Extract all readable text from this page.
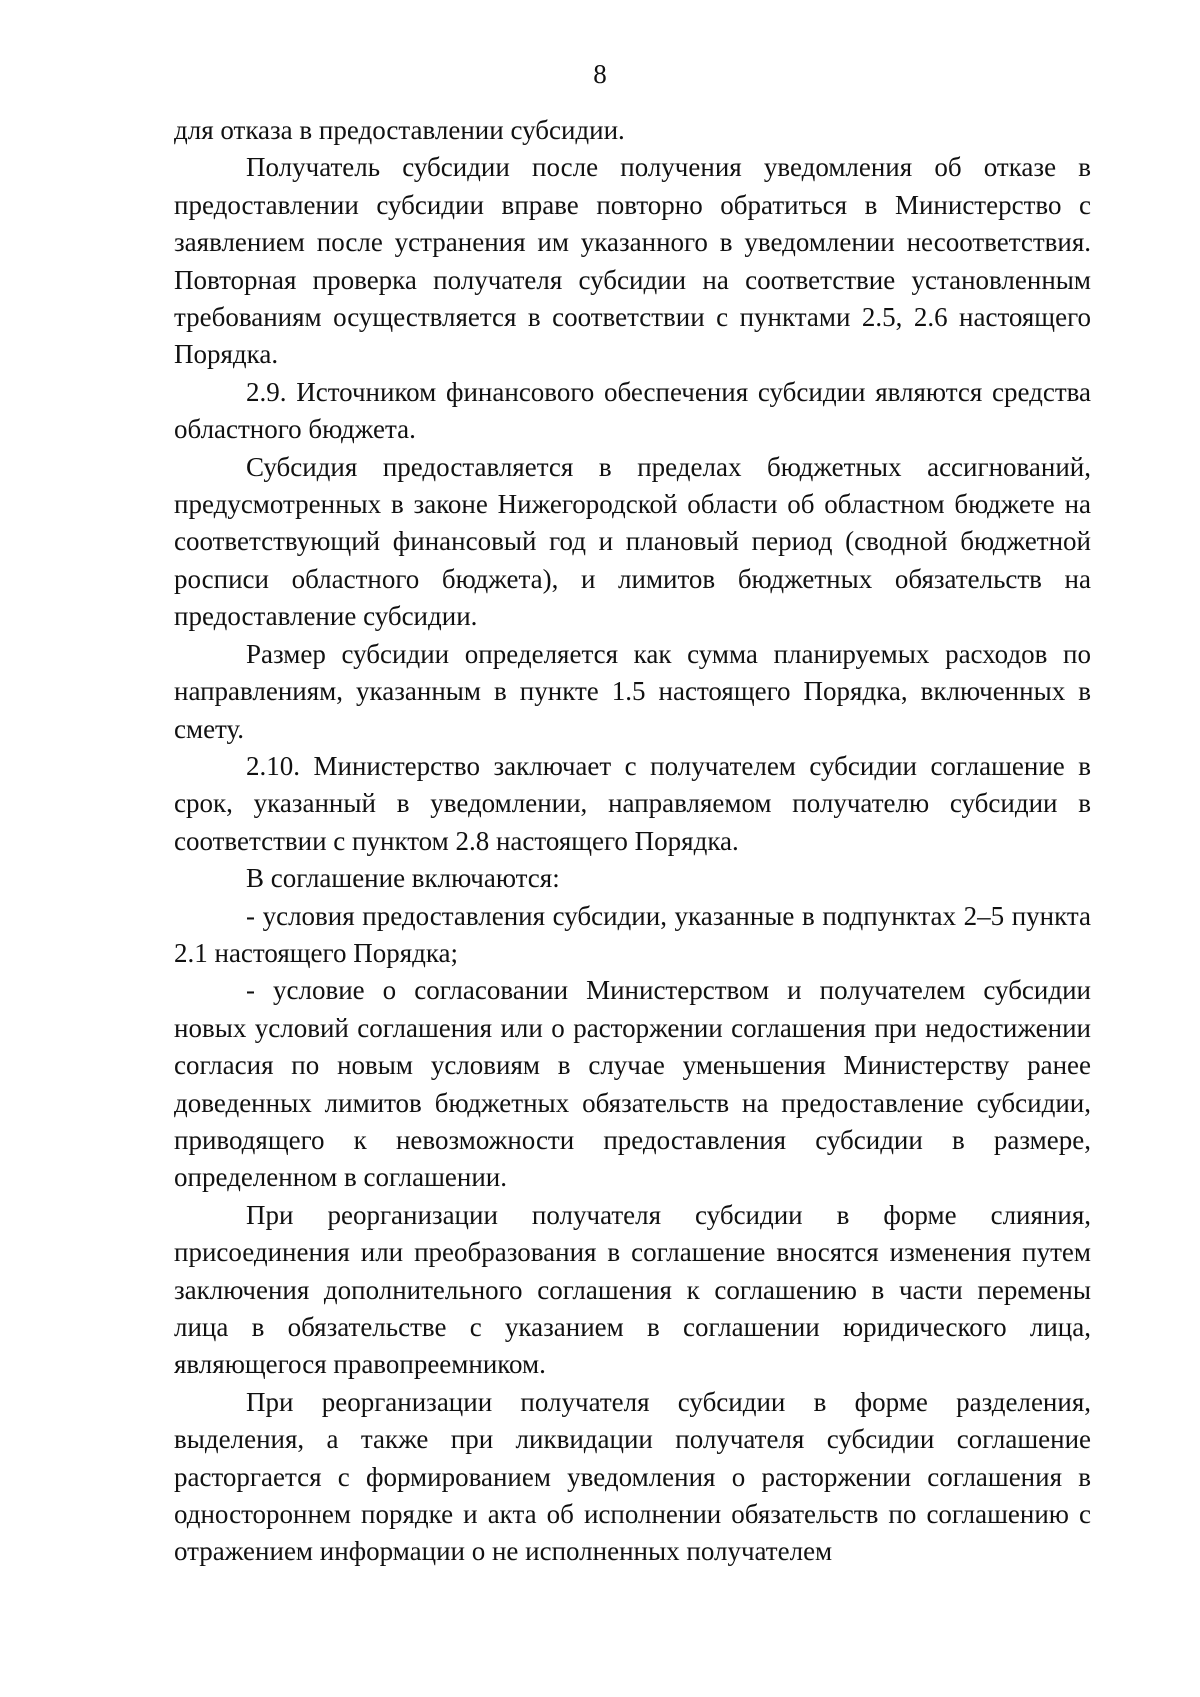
8

для отказа в предоставлении субсидии.

Получатель субсидии после получения уведомления об отказе в предоставлении субсидии вправе повторно обратиться в Министерство с заявлением после устранения им указанного в уведомлении несоответствия. Повторная проверка получателя субсидии на соответствие установленным требованиям осуществляется в соответствии с пунктами 2.5, 2.6 настоящего Порядка.

2.9. Источником финансового обеспечения субсидии являются средства областного бюджета.

Субсидия предоставляется в пределах бюджетных ассигнований, предусмотренных в законе Нижегородской области об областном бюджете на соответствующий финансовый год и плановый период (сводной бюджетной росписи областного бюджета), и лимитов бюджетных обязательств на предоставление субсидии.

Размер субсидии определяется как сумма планируемых расходов по направлениям, указанным в пункте 1.5 настоящего Порядка, включенных в смету.

2.10. Министерство заключает с получателем субсидии соглашение в срок, указанный в уведомлении, направляемом получателю субсидии в соответствии с пунктом 2.8 настоящего Порядка.

В соглашение включаются:

- условия предоставления субсидии, указанные в подпунктах 2–5 пункта 2.1 настоящего Порядка;

- условие о согласовании Министерством и получателем субсидии новых условий соглашения или о расторжении соглашения при недостижении согласия по новым условиям в случае уменьшения Министерству ранее доведенных лимитов бюджетных обязательств на предоставление субсидии, приводящего к невозможности предоставления субсидии в размере, определенном в соглашении.

При реорганизации получателя субсидии в форме слияния, присоединения или преобразования в соглашение вносятся изменения путем заключения дополнительного соглашения к соглашению в части перемены лица в обязательстве с указанием в соглашении юридического лица, являющегося правопреемником.

При реорганизации получателя субсидии в форме разделения, выделения, а также при ликвидации получателя субсидии соглашение расторгается с формированием уведомления о расторжении соглашения в одностороннем порядке и акта об исполнении обязательств по соглашению с отражением информации о не исполненных получателем
